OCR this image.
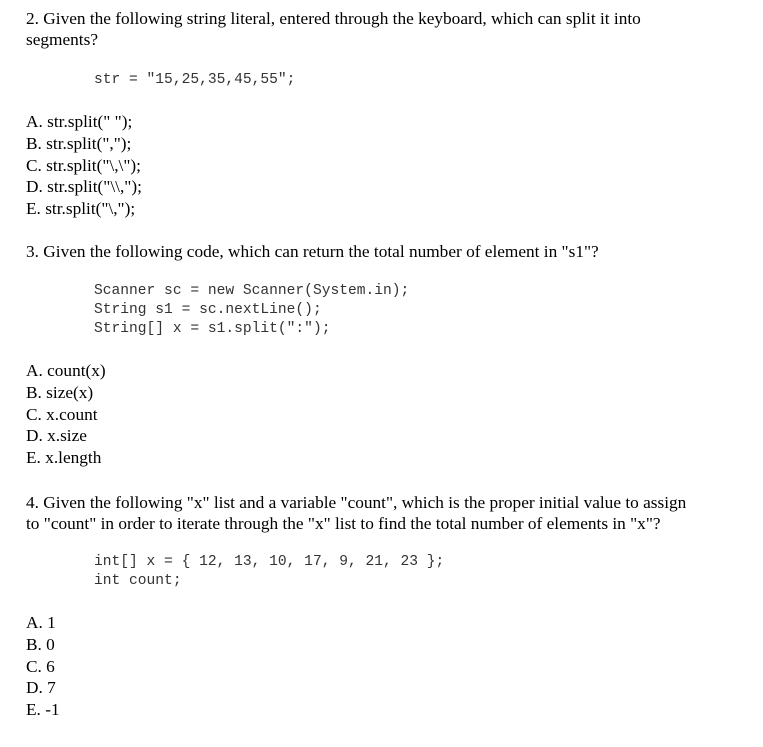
2. Given the following string literal, entered through the keyboard, which can split it into

segments?

str = "15,25,35,45,55";
A. str.split(" ");
B. str.split(",");
C. str.split("\,\");
D. str.split("\\,");
E. str.split("\,");

3. Given the following code, which can return the total number of element in "s1"?

Scanner sc = new Scanner(System.in);
String s1 = sc.nextLine();
String[] x = s1.split(":");
A. count(x)
B. size(x)
C. x.count
D. x.size
E. x.length

4. Given the following "x" list and a variable "count", which is the proper initial value to assign

to "count" in order to iterate through the "x" list to find the total number of elements in "x"?

int[] x = { 12, 13, 10, 17, 9, 21, 23 };
int count;
A. 1
B. 0
C. 6
D. 7
E. -1
